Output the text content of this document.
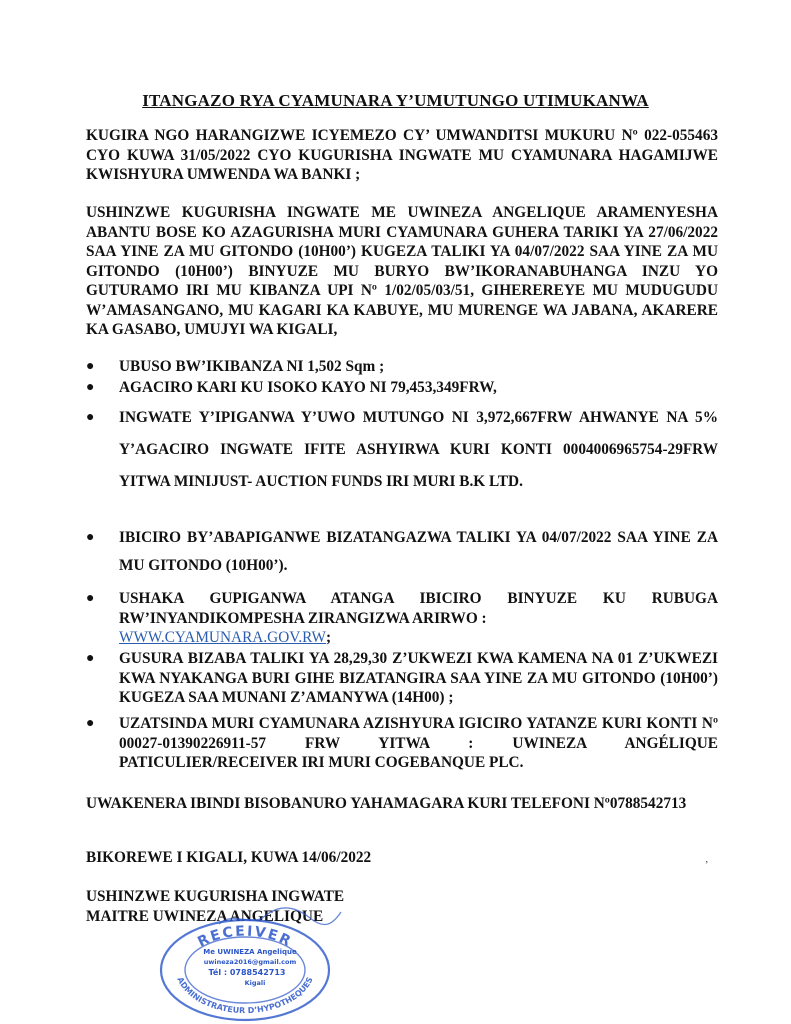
ITANGAZO RYA CYAMUNARA Y’UMUTUNGO UTIMUKANWA
KUGIRA NGO HARANGIZWE ICYEMEZO CY’ UMWANDITSI MUKURU Nº 022-055463 CYO KUWA 31/05/2022 CYO KUGURISHA INGWATE MU CYAMUNARA HAGAMIJWE KWISHYURA UMWENDA WA BANKI ;
USHINZWE KUGURISHA INGWATE ME UWINEZA ANGELIQUE ARAMENYESHA ABANTU BOSE KO AZAGURISHA MURI CYAMUNARA GUHERA TARIKI YA 27/06/2022 SAA YINE ZA MU GITONDO (10H00’) KUGEZA TALIKI YA 04/07/2022 SAA YINE ZA MU GITONDO (10H00’) BINYUZE MU BURYO BW’IKORANABUHANGA INZU YO GUTURAMO IRI MU KIBANZA UPI Nº 1/02/05/03/51, GIHEREREYE MU MUDUGUDU W’AMASANGANO, MU KAGARI KA KABUYE, MU MURENGE WA JABANA, AKARERE KA GASABO, UMUJYI WA KIGALI,
● UBUSO BW’IKIBANZA NI 1,502 Sqm ;
● AGACIRO KARI KU ISOKO KAYO NI 79,453,349FRW,
● INGWATE Y’IPIGANWA Y’UWO MUTUNGO NI 3,972,667FRW AHWANYE NA 5% Y’AGACIRO INGWATE IFITE ASHYIRWA KURI KONTI 0004006965754-29FRW YITWA MINIJUST- AUCTION FUNDS IRI MURI B.K LTD.
● IBICIRO BY’ABAPIGANWE BIZATANGAZWA TALIKI YA 04/07/2022 SAA YINE ZA MU GITONDO (10H00’).
● USHAKA GUPIGANWA ATANGA IBICIRO BINYUZE KU RUBUGA RW’INYANDIKOMPESHA ZIRANGIZWA ARIRWO :
WWW.CYAMUNARA.GOV.RW;
● GUSURA BIZABA TALIKI YA 28,29,30 Z’UKWEZI KWA KAMENA NA 01 Z’UKWEZI KWA NYAKANGA BURI GIHE BIZATANGIRA SAA YINE ZA MU GITONDO (10H00’) KUGEZA SAA MUNANI Z’AMANYWA (14H00) ;
● UZATSINDA MURI CYAMUNARA AZISHYURA IGICIRO YATANZE KURI KONTI Nº 00027-01390226911-57 FRW YITWA : UWINEZA ANGÉLIQUE PATICULIER/RECEIVER IRI MURI COGEBANQUE PLC.
UWAKENERA IBINDI BISOBANURO YAHAMAGARA KURI TELEFONI Nº0788542713
BIKOREWE I KIGALI, KUWA 14/06/2022
USHINZWE KUGURISHA INGWATE
MAITRE UWINEZA ANGELIQUE
’
RECEIVER
ADMINISTRATEUR D’HYPOTHEQUES
Me UWINEZA Angelique
uwineza2016@gmail.com
Tél : 0788542713
Kigali
